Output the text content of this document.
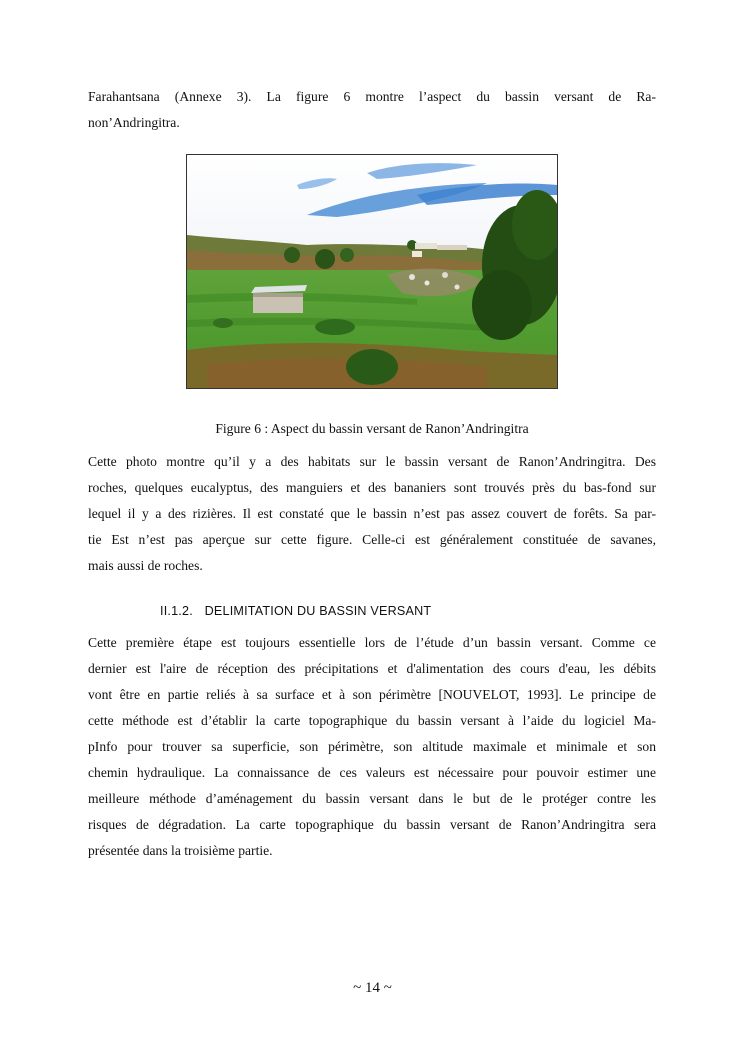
Farahantsana (Annexe 3). La figure 6 montre l’aspect du bassin versant de Ra-
non’Andringitra.

Figure 6 : Aspect du bassin versant de Ranon’Andringitra

Cette photo montre qu’il y a des habitats sur le bassin versant de Ranon’Andringitra. Des
roches, quelques eucalyptus, des manguiers et des bananiers sont trouvés près du bas-fond sur
lequel il y a des rizières. Il est constaté que le bassin n’est pas assez couvert de forêts. Sa par-
tie Est n’est pas aperçue sur cette figure. Celle-ci est généralement constituée de savanes,
mais aussi de roches.

II.1.2. DELIMITATION DU BASSIN VERSANT

Cette première étape est toujours essentielle lors de l’étude d’un bassin versant. Comme ce
dernier est l'aire de réception des précipitations et d'alimentation des cours d'eau, les débits
vont être en partie reliés à sa surface et à son périmètre [NOUVELOT, 1993]. Le principe de
cette méthode est d’établir la carte topographique du bassin versant à l’aide du logiciel Ma-
pInfo pour trouver sa superficie, son périmètre, son altitude maximale et minimale et son
chemin hydraulique. La connaissance de ces valeurs est nécessaire pour pouvoir estimer une
meilleure méthode d’aménagement du bassin versant dans le but de le protéger contre les
risques de dégradation. La carte topographique du bassin versant de Ranon’Andringitra sera
présentée dans la troisième partie.
~ 14 ~
